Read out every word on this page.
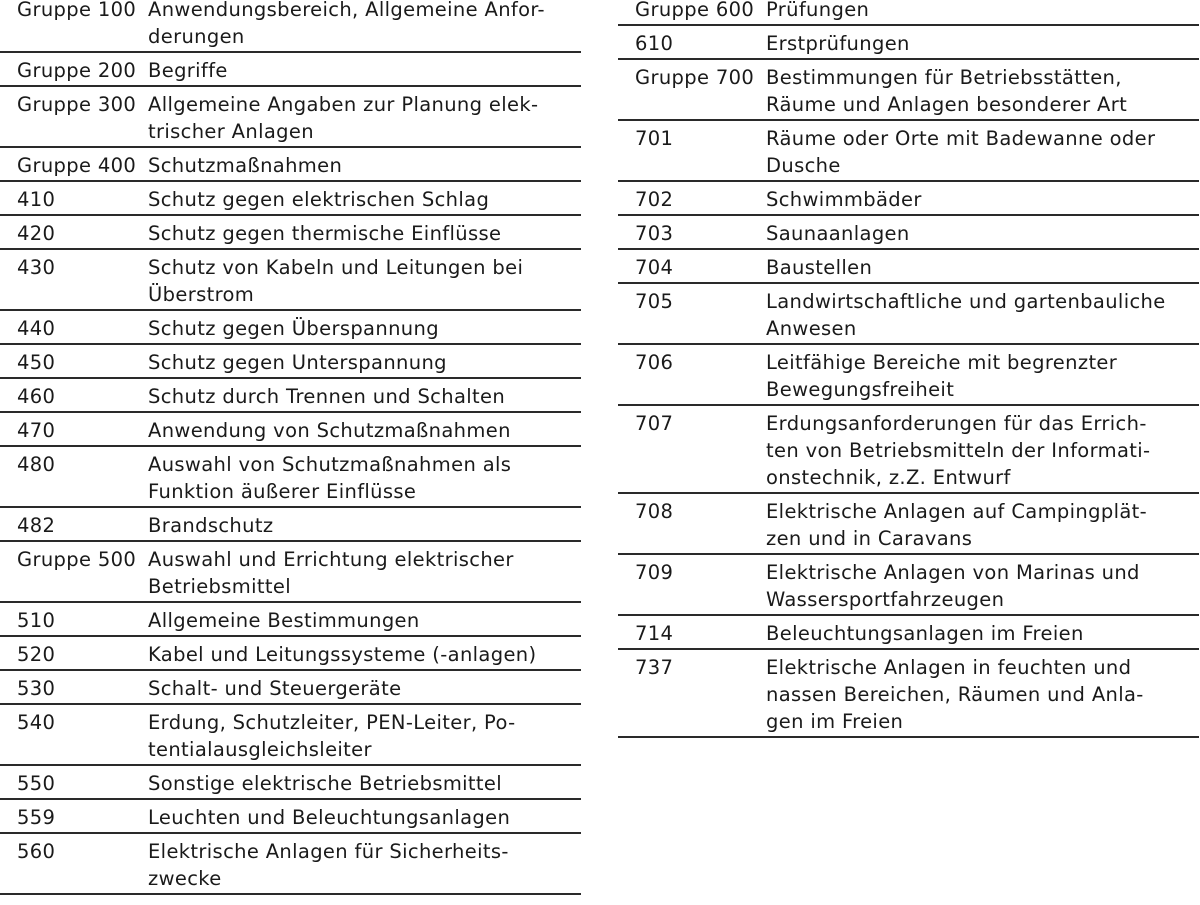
Gruppe 100 Anwendungsbereich, Allgemeine Anfor-
derungen
Gruppe 200 Begriffe
Gruppe 300 Allgemeine Angaben zur Planung elek-
trischer Anlagen
Gruppe 400 Schutzmaßnahmen
410	Schutz gegen elektrischen Schlag
420	Schutz gegen thermische Einflüsse
430	Schutz von Kabeln und Leitungen bei
Überstrom
440	Schutz gegen Überspannung
450	Schutz gegen Unterspannung
460	Schutz durch Trennen und Schalten
470	Anwendung von Schutzmaßnahmen
480	Auswahl von Schutzmaßnahmen als
Funktion äußerer Einflüsse
482	Brandschutz
Gruppe 500 Auswahl und Errichtung elektrischer
Betriebsmittel
510	Allgemeine Bestimmungen
520	Kabel und Leitungssysteme (-anlagen)
530	Schalt- und Steuergeräte
540	Erdung, Schutzleiter, PEN-Leiter, Po-
tentialausgleichsleiter
550	Sonstige elektrische Betriebsmittel
559	Leuchten und Beleuchtungsanlagen
560	Elektrische Anlagen für Sicherheits-
zwecke
Gruppe 600 Prüfungen
610	Erstprüfungen
Gruppe 700 Bestimmungen für Betriebsstätten,
Räume und Anlagen besonderer Art
701	Räume oder Orte mit Badewanne oder
Dusche
702	Schwimmbäder
703	Saunaanlagen
704	Baustellen
705	Landwirtschaftliche und gartenbauliche
Anwesen
706	Leitfähige Bereiche mit begrenzter
Bewegungsfreiheit
707	Erdungsanforderungen für das Errich-
ten von Betriebsmitteln der Informati-
onstechnik, z.Z. Entwurf
708	Elektrische Anlagen auf Campingplät-
zen und in Caravans
709	Elektrische Anlagen von Marinas und
Wassersportfahrzeugen
714	Beleuchtungsanlagen im Freien
737	Elektrische Anlagen in feuchten und
nassen Bereichen, Räumen und Anla-
gen im Freien
